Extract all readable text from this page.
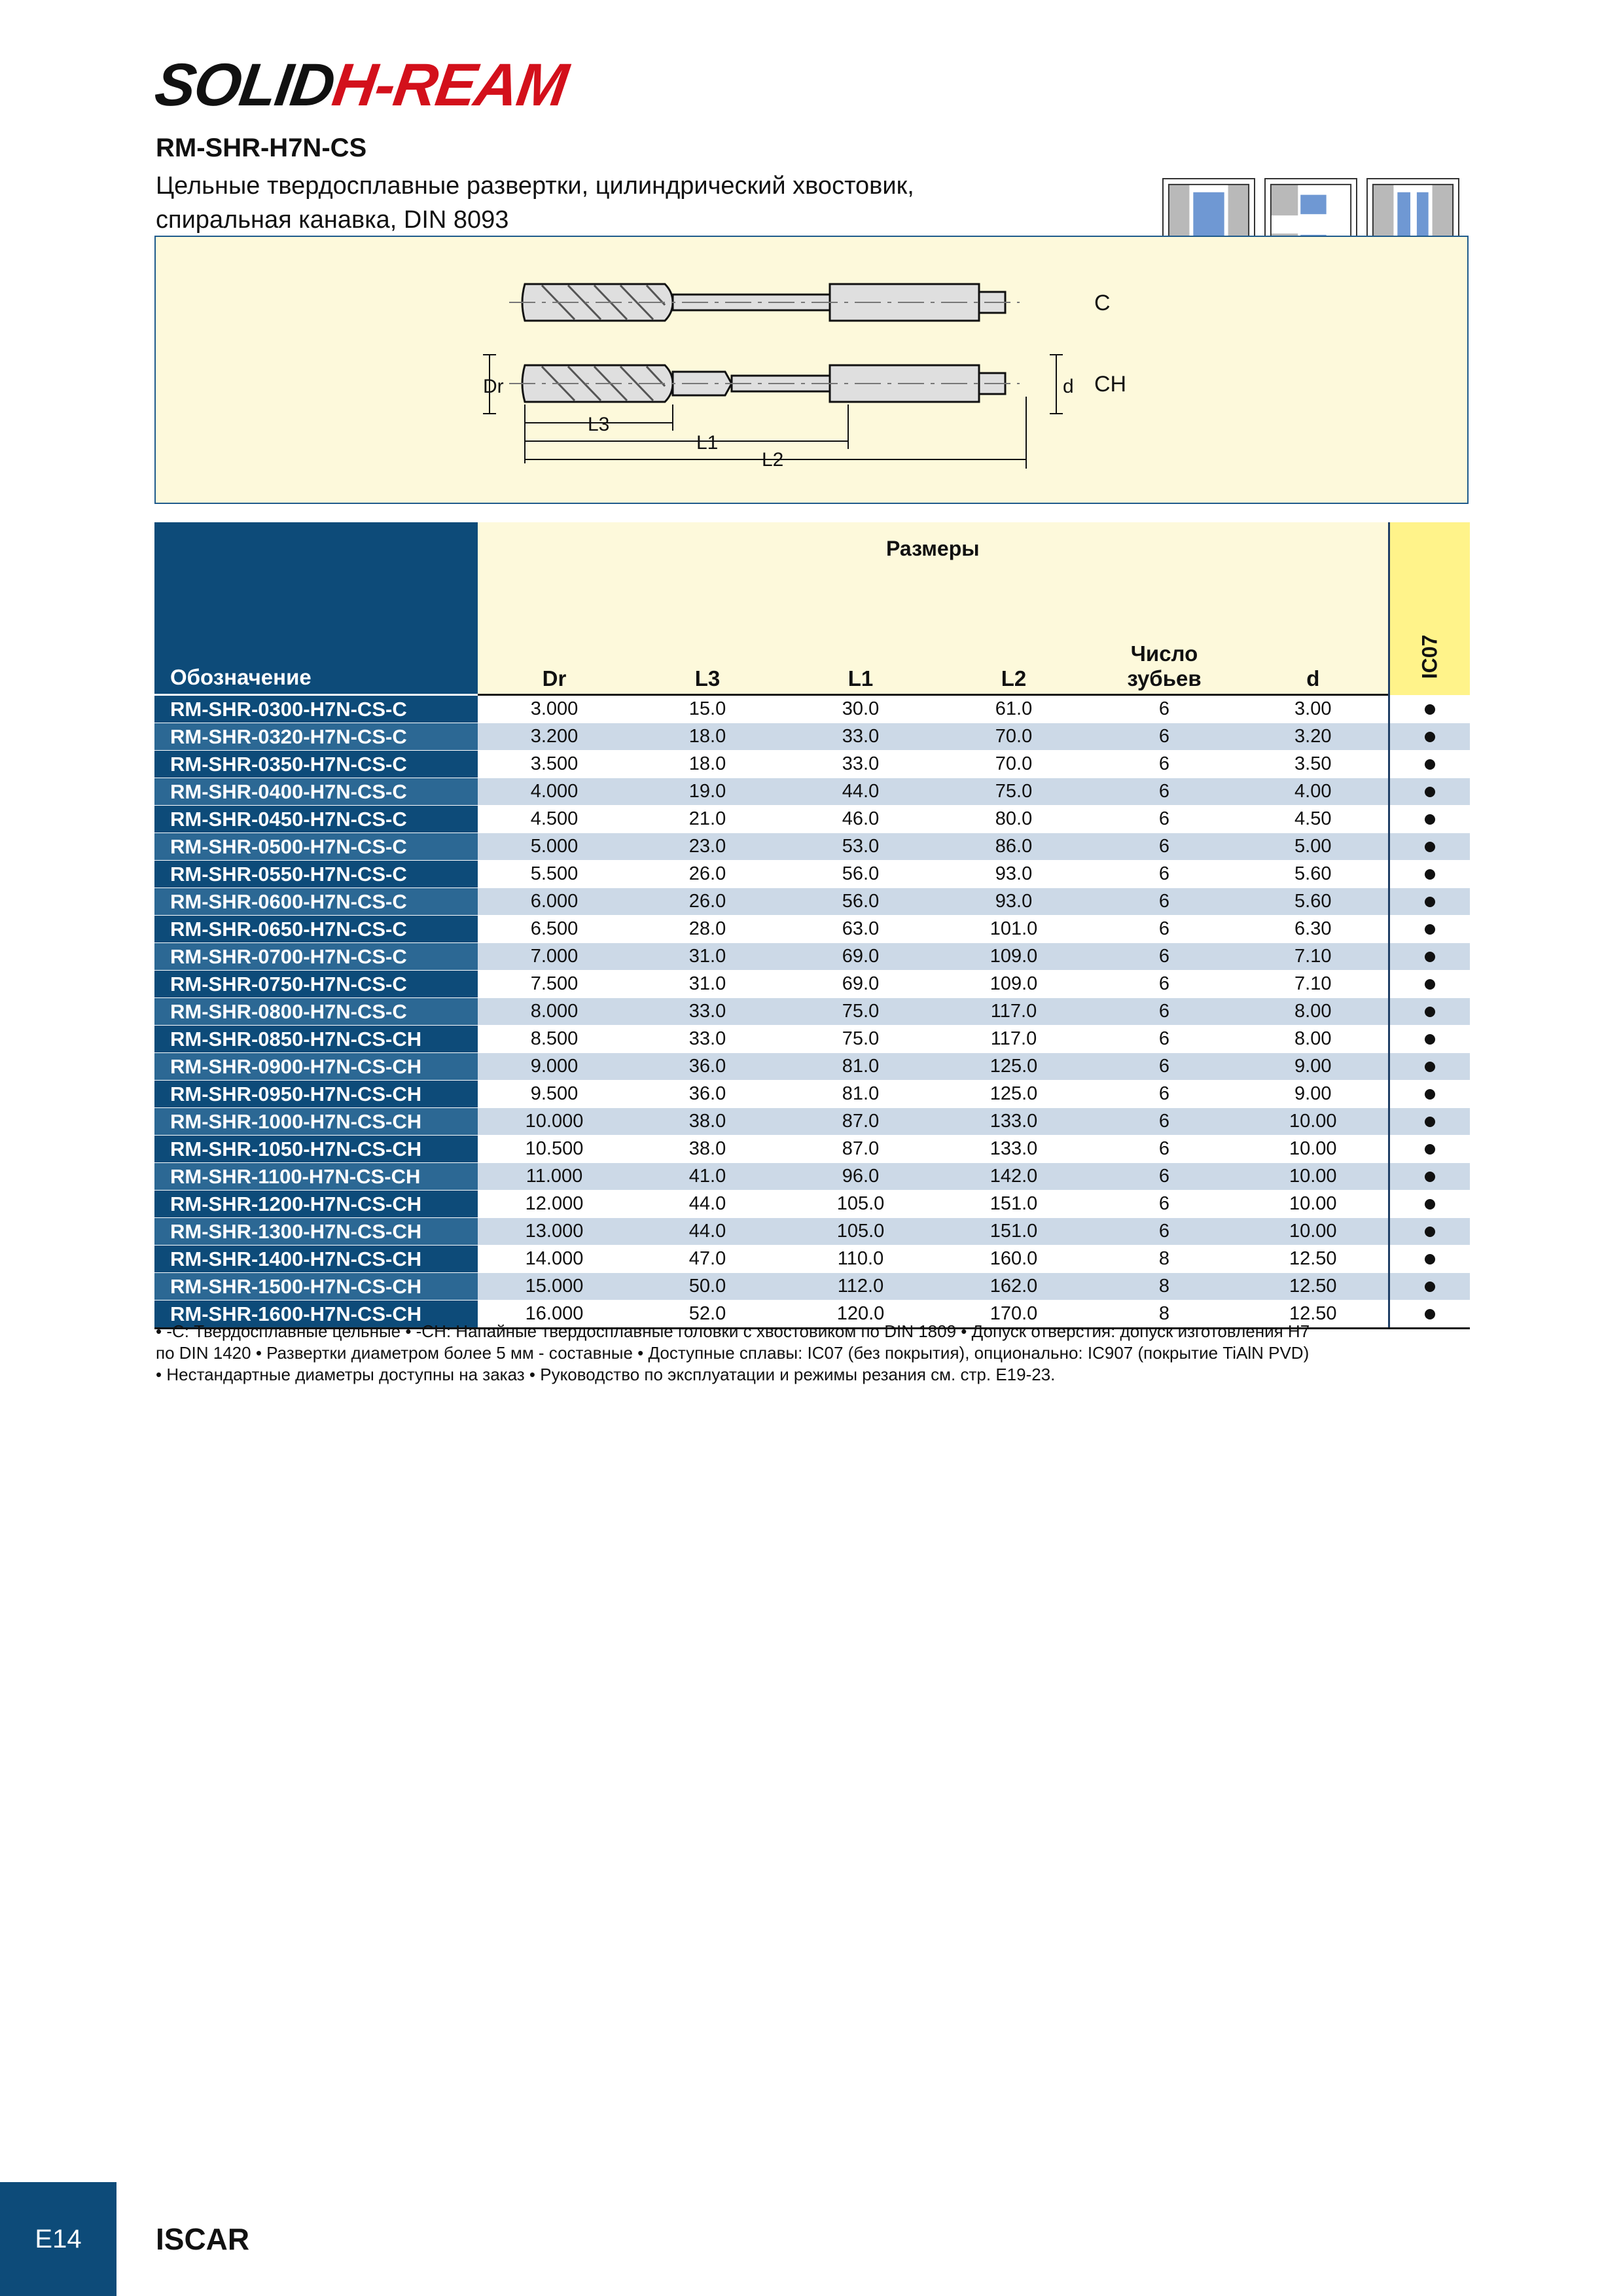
SOLIDH-REAM
RM-SHR-H7N-CS
Цельные твердосплавные развертки, цилиндрический хвостовик,
спиральная канавка, DIN 8093
Dr	d
L3
L1
L2
C
CH
Обозначение	Размеры						IC07
	Dr	L3	L1	L2	Число
зубьев	d	
RM-SHR-0300-H7N-CS-C	3.000	15.0	30.0	61.0	6	3.00	
RM-SHR-0320-H7N-CS-C	3.200	18.0	33.0	70.0	6	3.20	
RM-SHR-0350-H7N-CS-C	3.500	18.0	33.0	70.0	6	3.50	
RM-SHR-0400-H7N-CS-C	4.000	19.0	44.0	75.0	6	4.00	
RM-SHR-0450-H7N-CS-C	4.500	21.0	46.0	80.0	6	4.50	
RM-SHR-0500-H7N-CS-C	5.000	23.0	53.0	86.0	6	5.00	
RM-SHR-0550-H7N-CS-C	5.500	26.0	56.0	93.0	6	5.60	
RM-SHR-0600-H7N-CS-C	6.000	26.0	56.0	93.0	6	5.60	
RM-SHR-0650-H7N-CS-C	6.500	28.0	63.0	101.0	6	6.30	
RM-SHR-0700-H7N-CS-C	7.000	31.0	69.0	109.0	6	7.10	
RM-SHR-0750-H7N-CS-C	7.500	31.0	69.0	109.0	6	7.10	
RM-SHR-0800-H7N-CS-C	8.000	33.0	75.0	117.0	6	8.00	
RM-SHR-0850-H7N-CS-CH	8.500	33.0	75.0	117.0	6	8.00	
RM-SHR-0900-H7N-CS-CH	9.000	36.0	81.0	125.0	6	9.00	
RM-SHR-0950-H7N-CS-CH	9.500	36.0	81.0	125.0	6	9.00	
RM-SHR-1000-H7N-CS-CH	10.000	38.0	87.0	133.0	6	10.00	
RM-SHR-1050-H7N-CS-CH	10.500	38.0	87.0	133.0	6	10.00	
RM-SHR-1100-H7N-CS-CH	11.000	41.0	96.0	142.0	6	10.00	
RM-SHR-1200-H7N-CS-CH	12.000	44.0	105.0	151.0	6	10.00	
RM-SHR-1300-H7N-CS-CH	13.000	44.0	105.0	151.0	6	10.00	
RM-SHR-1400-H7N-CS-CH	14.000	47.0	110.0	160.0	8	12.50	
RM-SHR-1500-H7N-CS-CH	15.000	50.0	112.0	162.0	8	12.50	
RM-SHR-1600-H7N-CS-CH	16.000	52.0	120.0	170.0	8	12.50	
• -C: Твердосплавные цельные • -CH: Напайные твердосплавные головки с хвостовиком по DIN 1809 • Допуск отверстия: допуск изготовления H7
по DIN 1420 • Развертки диаметром более 5 мм - составные • Доступные сплавы: IC07 (без покрытия), опционально: IC907 (покрытие TiAlN PVD)
• Нестандартные диаметры доступны на заказ • Руководство по эксплуатации и режимы резания см. стр. E19-23.
E14	ISCAR
